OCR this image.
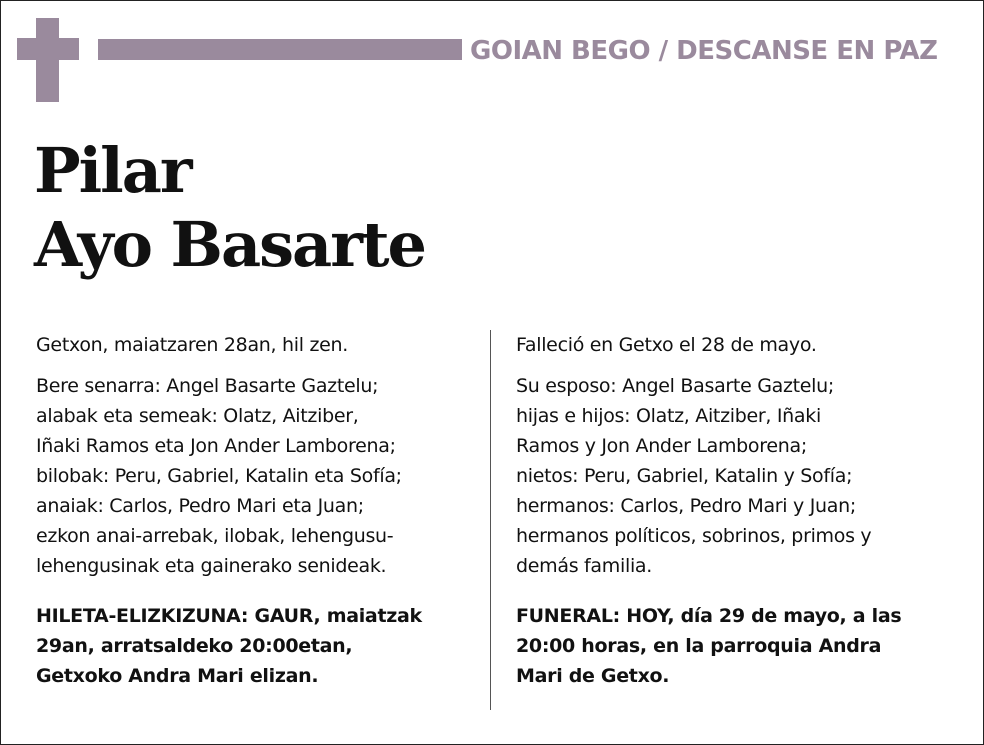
GOIAN BEGO / DESCANSE EN PAZ
Pilar
Ayo Basarte
Getxon, maiatzaren 28an, hil zen.
Bere senarra: Angel Basarte Gaztelu;
alabak eta semeak: Olatz, Aitziber,
Iñaki Ramos eta Jon Ander Lamborena;
bilobak: Peru, Gabriel, Katalin eta Sofía;
anaiak: Carlos, Pedro Mari eta Juan;
ezkon anai-arrebak, ilobak, lehengusu-
lehengusinak eta gainerako senideak.
HILETA-ELIZKIZUNA: GAUR, maiatzak
29an, arratsaldeko 20:00etan,
Getxoko Andra Mari elizan.
Falleció en Getxo el 28 de mayo.
Su esposo: Angel Basarte Gaztelu;
hijas e hijos: Olatz, Aitziber, Iñaki
Ramos y Jon Ander Lamborena;
nietos: Peru, Gabriel, Katalin y Sofía;
hermanos: Carlos, Pedro Mari y Juan;
hermanos políticos, sobrinos, primos y
demás familia.
FUNERAL: HOY, día 29 de mayo, a las
20:00 horas, en la parroquia Andra
Mari de Getxo.
